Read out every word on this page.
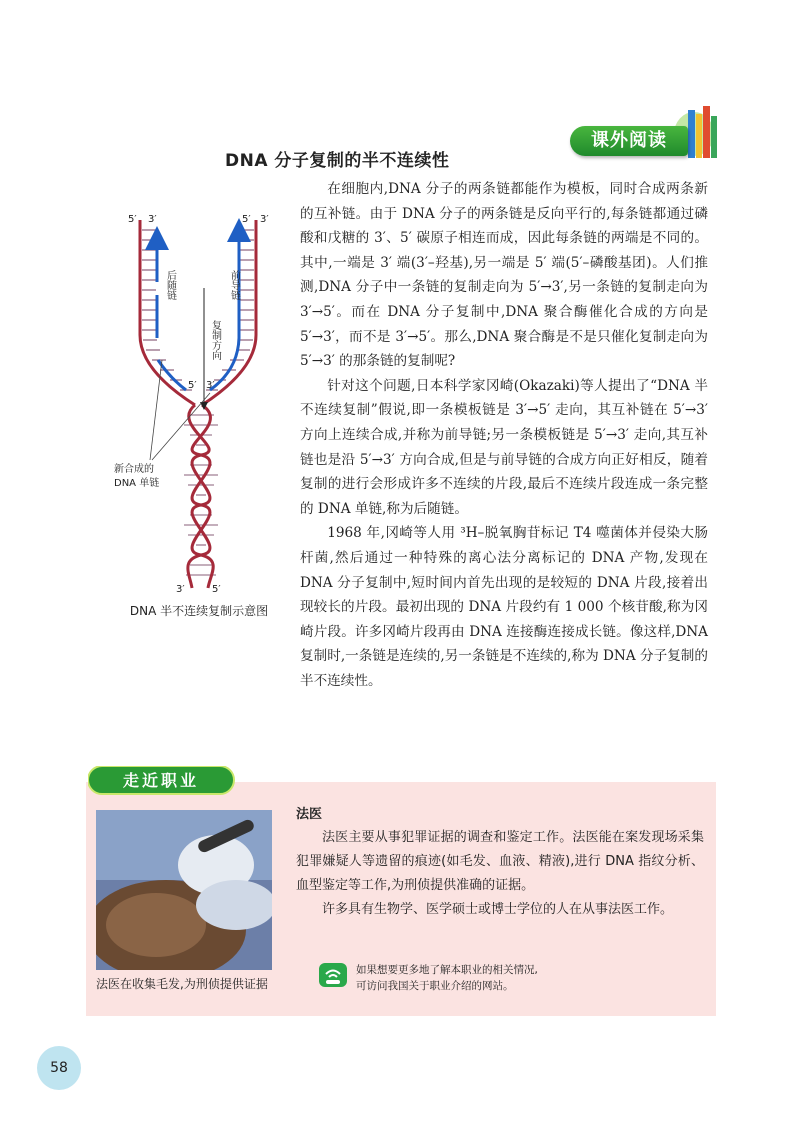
课外阅读
DNA 分子复制的半不连续性
5′ 3′	5′ 3′
5′ 3′
3′	5′
后随链	前导链
复制方向
新合成的
DNA 单链
DNA 半不连续复制示意图

在细胞内,DNA 分子的两条链都能作为模板，同时合成两条新的互补链。由于 DNA 分子的两条链是反向平行的,每条链都通过磷酸和戊糖的 3′、5′ 碳原子相连而成，因此每条链的两端是不同的。其中,一端是 3′ 端(3′–羟基),另一端是 5′ 端(5′–磷酸基团)。人们推测,DNA 分子中一条链的复制走向为 5′→3′,另一条链的复制走向为 3′→5′。而在 DNA 分子复制中,DNA 聚合酶催化合成的方向是 5′→3′，而不是 3′→5′。那么,DNA 聚合酶是不是只催化复制走向为 5′→3′ 的那条链的复制呢?

针对这个问题,日本科学家冈崎(Okazaki)等人提出了“DNA 半不连续复制”假说,即一条模板链是 3′→5′ 走向，其互补链在 5′→3′ 方向上连续合成,并称为前导链;另一条模板链是 5′→3′ 走向,其互补链也是沿 5′→3′ 方向合成,但是与前导链的合成方向正好相反，随着复制的进行会形成许多不连续的片段,最后不连续片段连成一条完整的 DNA 单链,称为后随链。

1968 年,冈崎等人用 ³H–脱氧胸苷标记 T4 噬菌体并侵染大肠杆菌,然后通过一种特殊的离心法分离标记的 DNA 产物,发现在 DNA 分子复制中,短时间内首先出现的是较短的 DNA 片段,接着出现较长的片段。最初出现的 DNA 片段约有 1 000 个核苷酸,称为冈崎片段。许多冈崎片段再由 DNA 连接酶连接成长链。像这样,DNA 复制时,一条链是连续的,另一条链是不连续的,称为 DNA 分子复制的半不连续性。

走近职业
法医在收集毛发,为刑侦提供证据
法医

法医主要从事犯罪证据的调查和鉴定工作。法医能在案发现场采集犯罪嫌疑人等遗留的痕迹(如毛发、血液、精液),进行 DNA 指纹分析、血型鉴定等工作,为刑侦提供准确的证据。

许多具有生物学、医学硕士或博士学位的人在从事法医工作。

如果想要更多地了解本职业的相关情况,
可访问我国关于职业介绍的网站。
58
